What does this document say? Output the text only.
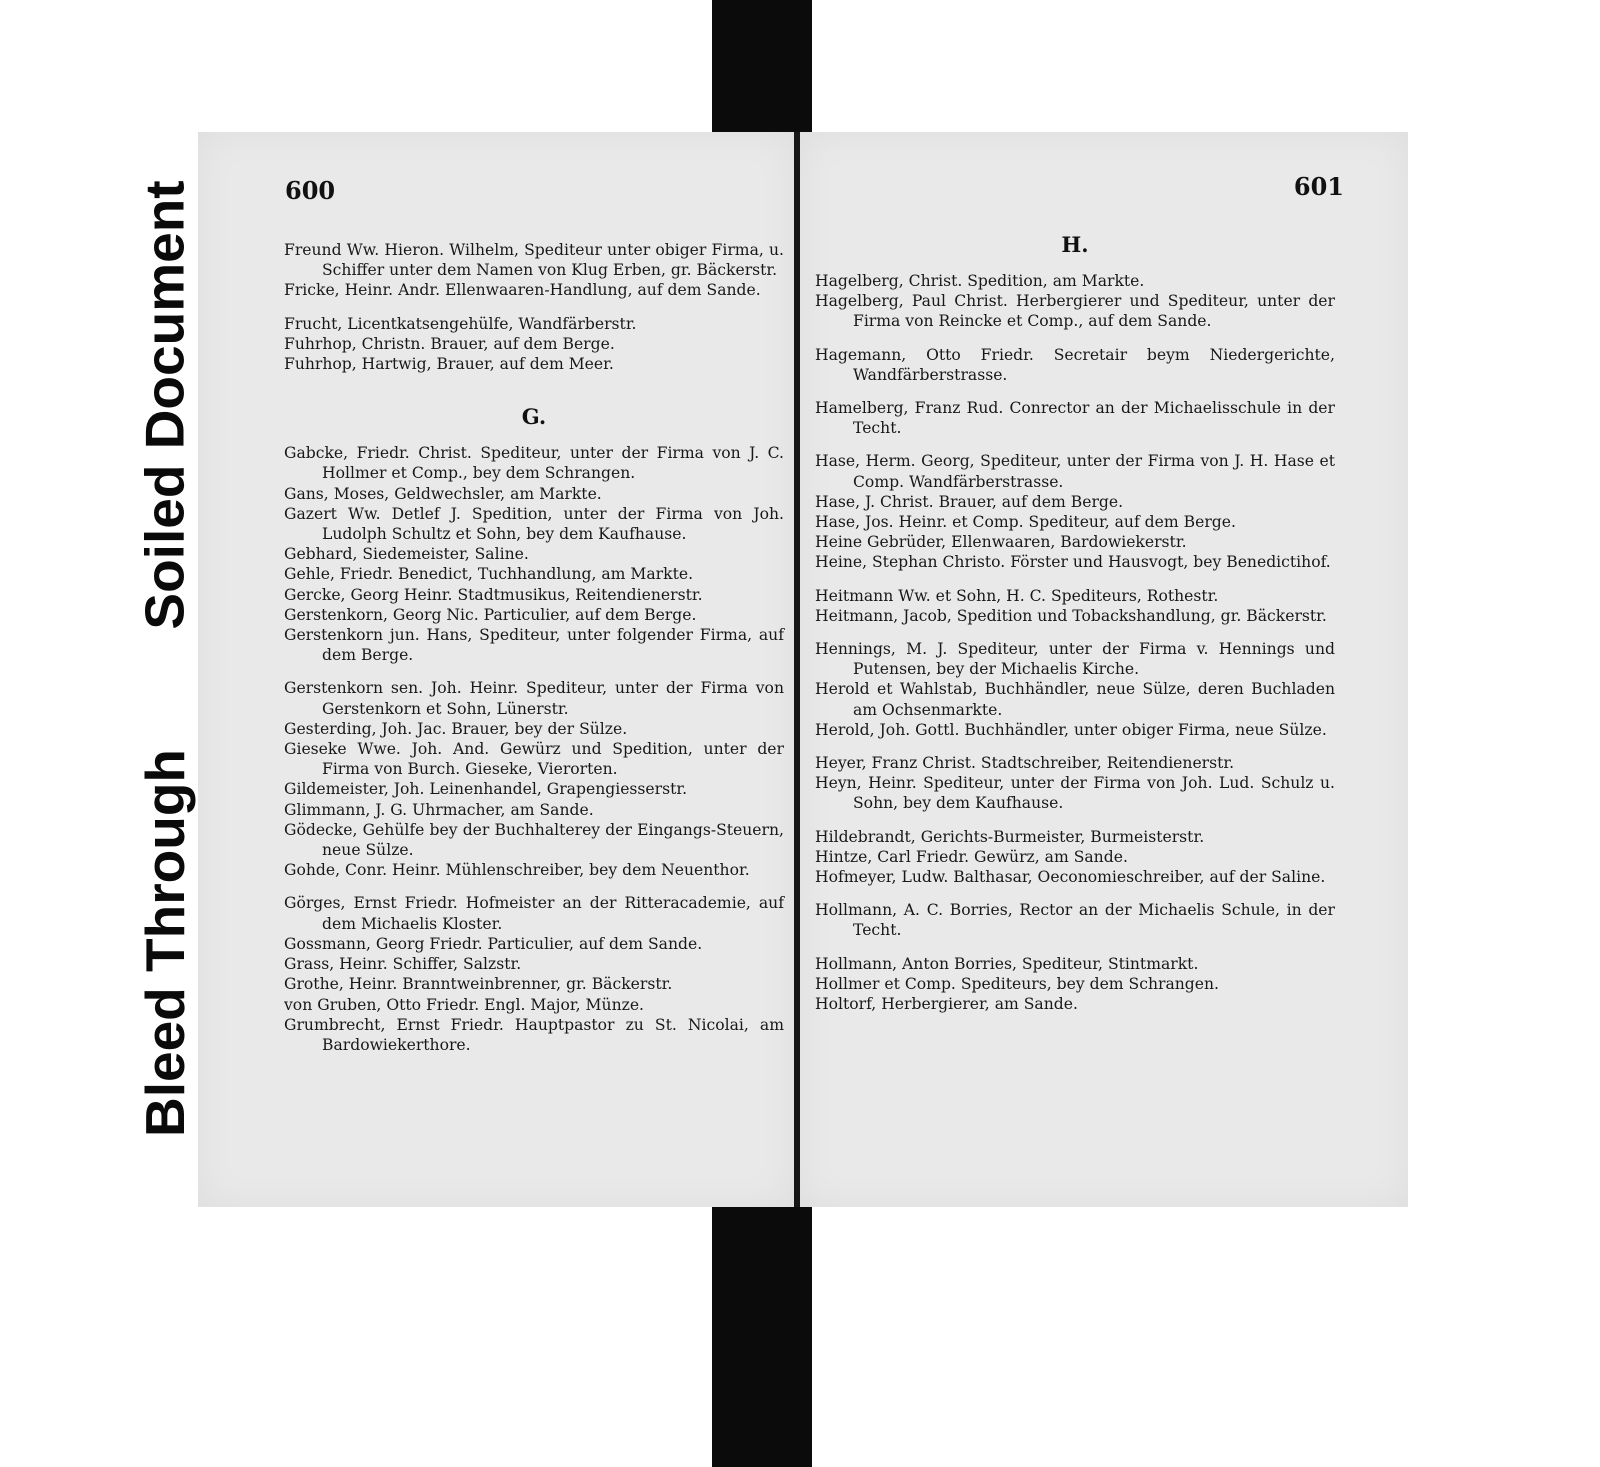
Soiled Document
Bleed Through
600
Freund Ww. Hieron. Wilhelm, Spediteur unter obiger Firma, u. Schiffer unter dem Namen von Klug Erben, gr. Bäckerstr.
Fricke, Heinr. Andr. Ellenwaaren-Handlung, auf dem Sande.
Frucht, Licentkatsengehülfe, Wandfärberstr.
Fuhrhop, Christn. Brauer, auf dem Berge.
Fuhrhop, Hartwig, Brauer, auf dem Meer.
G.
Gabcke, Friedr. Christ. Spediteur, unter der Firma von J. C. Hollmer et Comp., bey dem Schrangen.
Gans, Moses, Geldwechsler, am Markte.
Gazert Ww. Detlef J. Spedition, unter der Firma von Joh. Ludolph Schultz et Sohn, bey dem Kaufhause.
Gebhard, Siedemeister, Saline.
Gehle, Friedr. Benedict, Tuchhandlung, am Markte.
Gercke, Georg Heinr. Stadtmusikus, Reitendienerstr.
Gerstenkorn, Georg Nic. Particulier, auf dem Berge.
Gerstenkorn jun. Hans, Spediteur, unter folgender Firma, auf dem Berge.
Gerstenkorn sen. Joh. Heinr. Spediteur, unter der Firma von Gerstenkorn et Sohn, Lünerstr.
Gesterding, Joh. Jac. Brauer, bey der Sülze.
Gieseke Wwe. Joh. And. Gewürz und Spedition, unter der Firma von Burch. Gieseke, Vierorten.
Gildemeister, Joh. Leinenhandel, Grapengiesserstr.
Glimmann, J. G. Uhrmacher, am Sande.
Gödecke, Gehülfe bey der Buchhalterey der Eingangs-Steuern, neue Sülze.
Gohde, Conr. Heinr. Mühlenschreiber, bey dem Neuenthor.
Görges, Ernst Friedr. Hofmeister an der Ritteracademie, auf dem Michaelis Kloster.
Gossmann, Georg Friedr. Particulier, auf dem Sande.
Grass, Heinr. Schiffer, Salzstr.
Grothe, Heinr. Branntweinbrenner, gr. Bäckerstr.
von Gruben, Otto Friedr. Engl. Major, Münze.
Grumbrecht, Ernst Friedr. Hauptpastor zu St. Nicolai, am Bardowiekerthore.
601
H.
Hagelberg, Christ. Spedition, am Markte.
Hagelberg, Paul Christ. Herbergierer und Spediteur, unter der Firma von Reincke et Comp., auf dem Sande.
Hagemann, Otto Friedr. Secretair beym Niedergerichte, Wandfärberstrasse.
Hamelberg, Franz Rud. Conrector an der Michaelisschule in der Techt.
Hase, Herm. Georg, Spediteur, unter der Firma von J. H. Hase et Comp. Wandfärberstrasse.
Hase, J. Christ. Brauer, auf dem Berge.
Hase, Jos. Heinr. et Comp. Spediteur, auf dem Berge.
Heine Gebrüder, Ellenwaaren, Bardowiekerstr.
Heine, Stephan Christo. Förster und Hausvogt, bey Benedictihof.
Heitmann Ww. et Sohn, H. C. Spediteurs, Rothestr.
Heitmann, Jacob, Spedition und Tobackshandlung, gr. Bäckerstr.
Hennings, M. J. Spediteur, unter der Firma v. Hennings und Putensen, bey der Michaelis Kirche.
Herold et Wahlstab, Buchhändler, neue Sülze, deren Buchladen am Ochsenmarkte.
Herold, Joh. Gottl. Buchhändler, unter obiger Firma, neue Sülze.
Heyer, Franz Christ. Stadtschreiber, Reitendienerstr.
Heyn, Heinr. Spediteur, unter der Firma von Joh. Lud. Schulz u. Sohn, bey dem Kaufhause.
Hildebrandt, Gerichts-Burmeister, Burmeisterstr.
Hintze, Carl Friedr. Gewürz, am Sande.
Hofmeyer, Ludw. Balthasar, Oeconomieschreiber, auf der Saline.
Hollmann, A. C. Borries, Rector an der Michaelis Schule, in der Techt.
Hollmann, Anton Borries, Spediteur, Stintmarkt.
Hollmer et Comp. Spediteurs, bey dem Schrangen.
Holtorf, Herbergierer, am Sande.
